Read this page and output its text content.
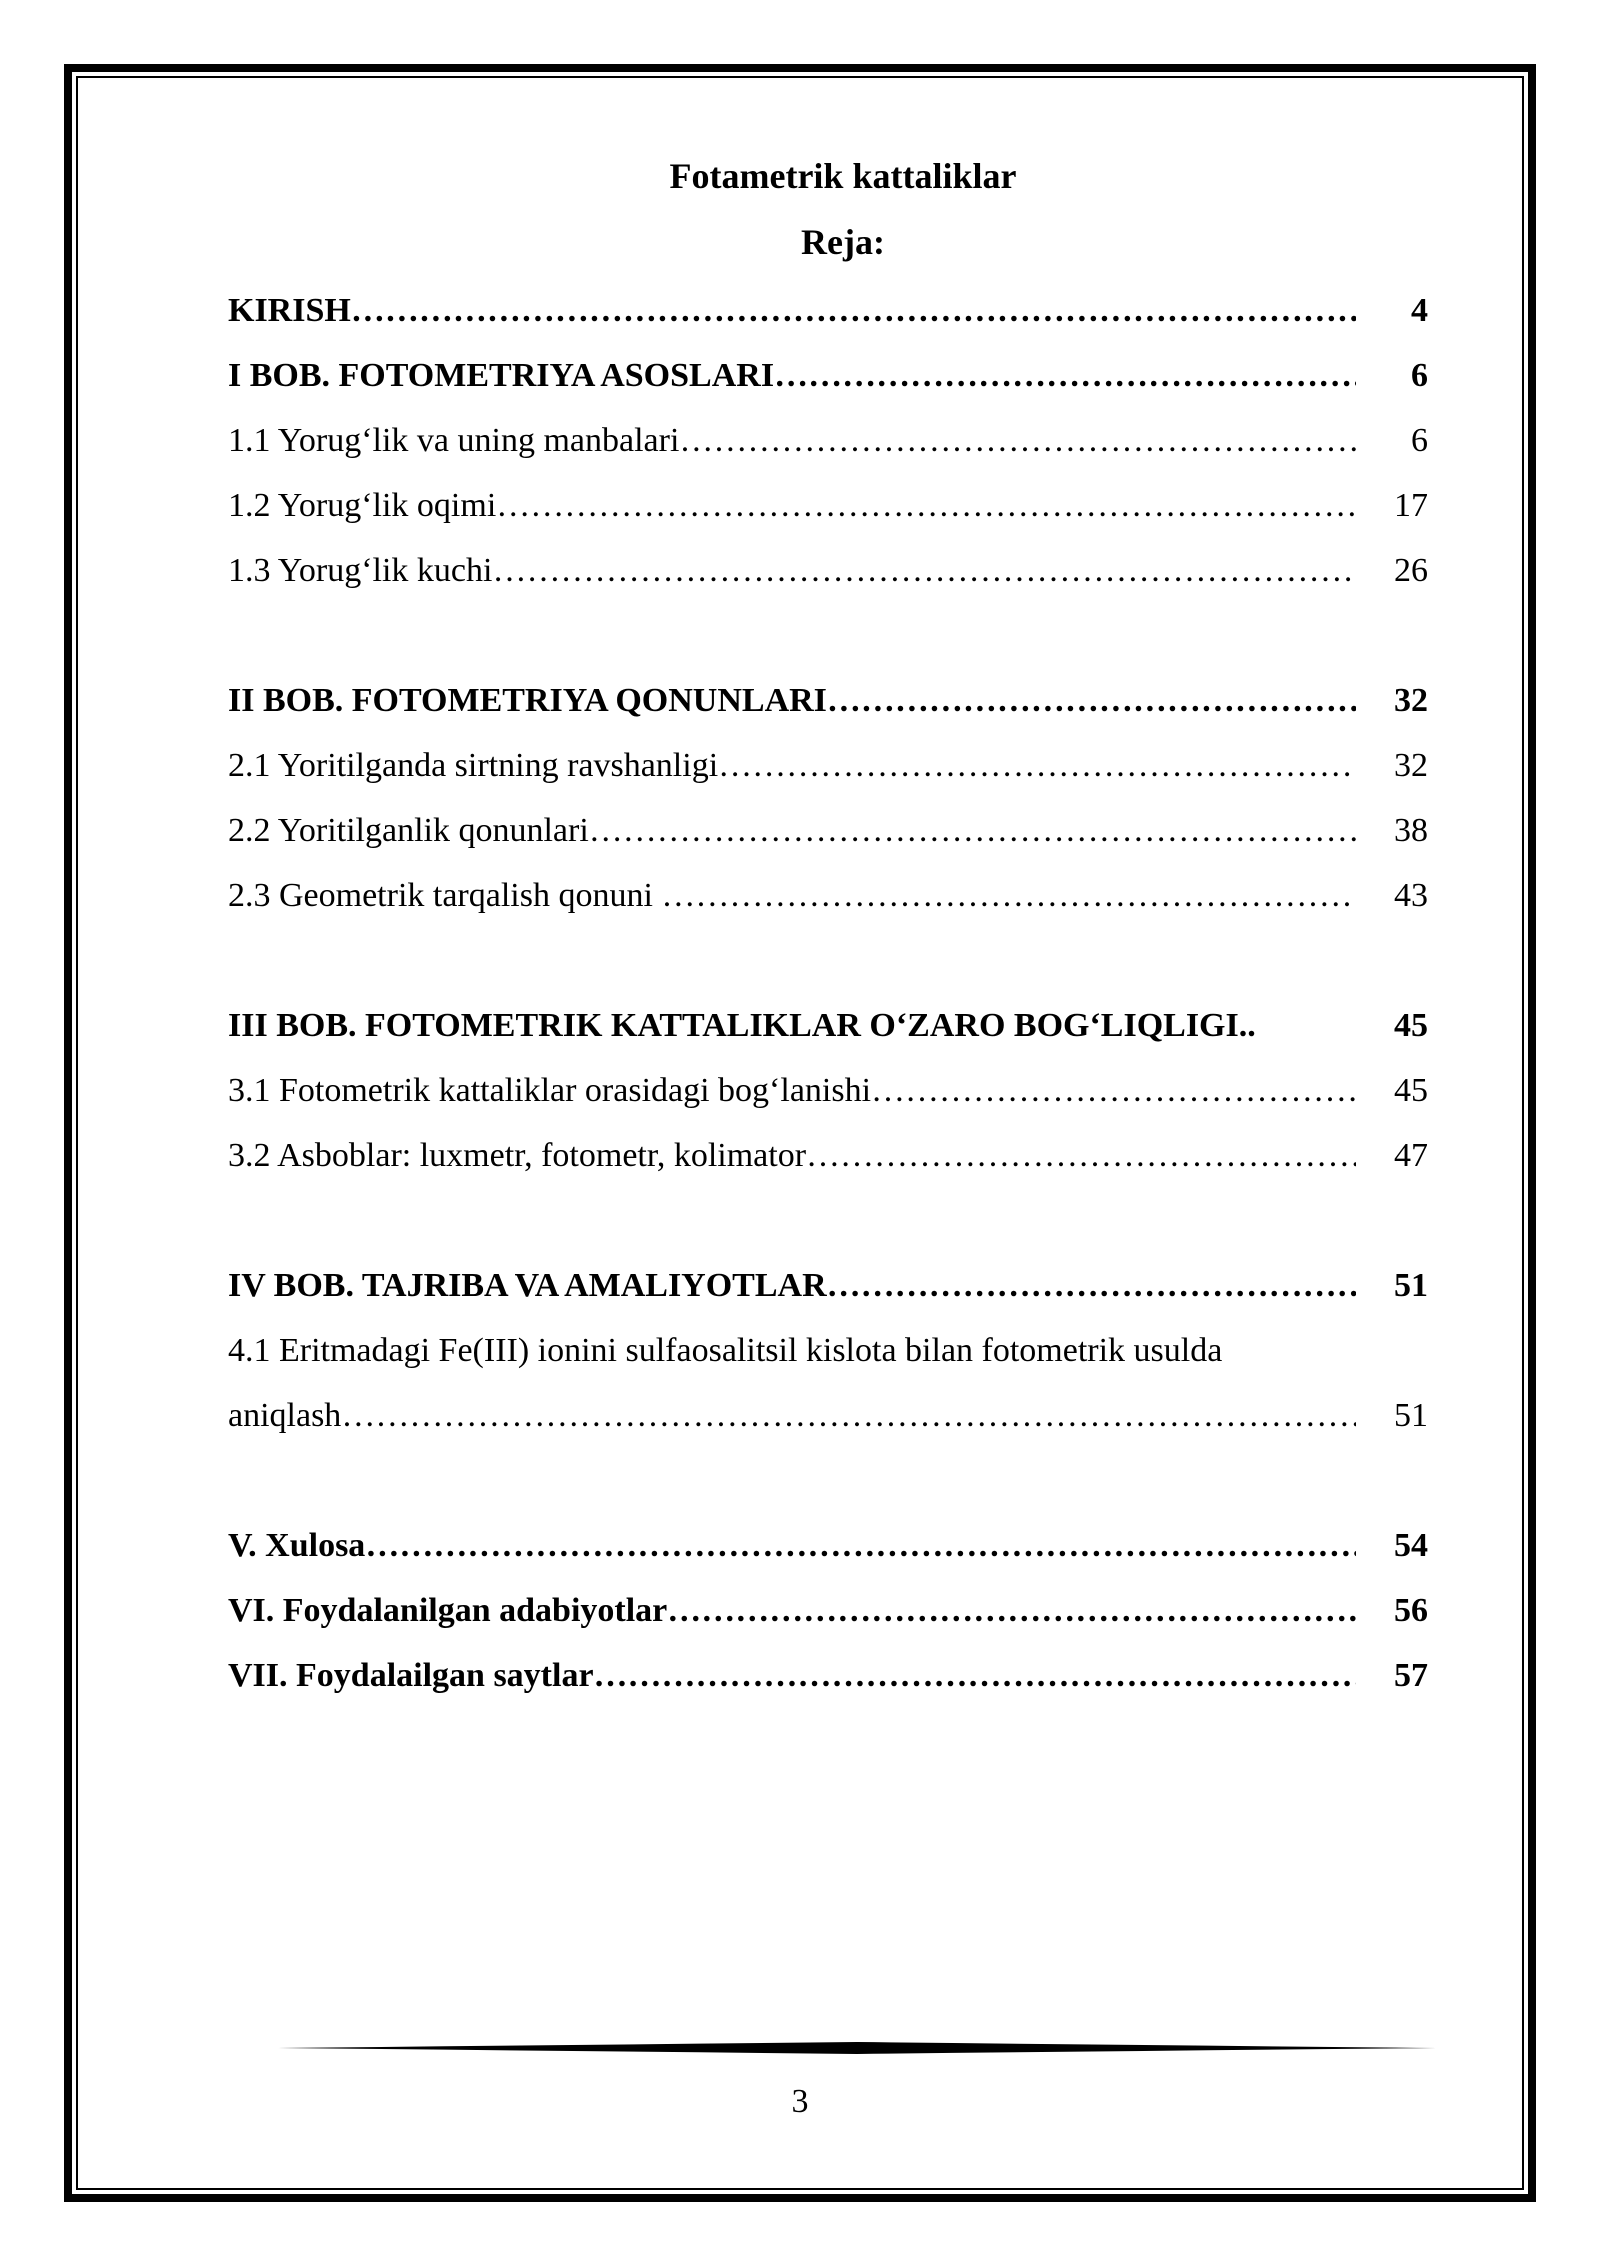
Fotametrik kattaliklar
Reja:
KIRISH …………………………………………………………………………………………………………………………………………	4
I BOB. FOTOMETRIYA ASOSLARI …………………………………………………………………………………………………………………………………………	6
1.1 Yorug‘lik va uning manbalari …………………………………………………………………………………………………………………………………………	6
1.2 Yorug‘lik oqimi …………………………………………………………………………………………………………………………………………	17
1.3 Yorug‘lik kuchi …………………………………………………………………………………………………………………………………………	26
II BOB. FOTOMETRIYA QONUNLARI …………………………………………………………………………………………………………………………………………	32
2.1 Yoritilganda sirtning ravshanligi …………………………………………………………………………………………………………………………………………	32
2.2 Yoritilganlik qonunlari …………………………………………………………………………………………………………………………………………	38
2.3 Geometrik tarqalish qonuni …………………………………………………………………………………………………………………………………………	43
III BOB. FOTOMETRIK KATTALIKLAR O‘ZARO BOG‘LIQLIGI..	45
3.1 Fotometrik kattaliklar orasidagi bog‘lanishi …………………………………………………………………………………………………………………………………………	45
3.2 Asboblar: luxmetr, fotometr, kolimator …………………………………………………………………………………………………………………………………………	47
IV BOB. TAJRIBA VA AMALIYOTLAR …………………………………………………………………………………………………………………………………………	51
4.1 Eritmadagi Fe(III) ionini sulfaosalitsil kislota bilan fotometrik usulda
aniqlash …………………………………………………………………………………………………………………………………………	51
V. Xulosa …………………………………………………………………………………………………………………………………………	54
VI. Foydalanilgan adabiyotlar …………………………………………………………………………………………………………………………………………	56
VII. Foydalailgan saytlar …………………………………………………………………………………………………………………………………………	57
3
